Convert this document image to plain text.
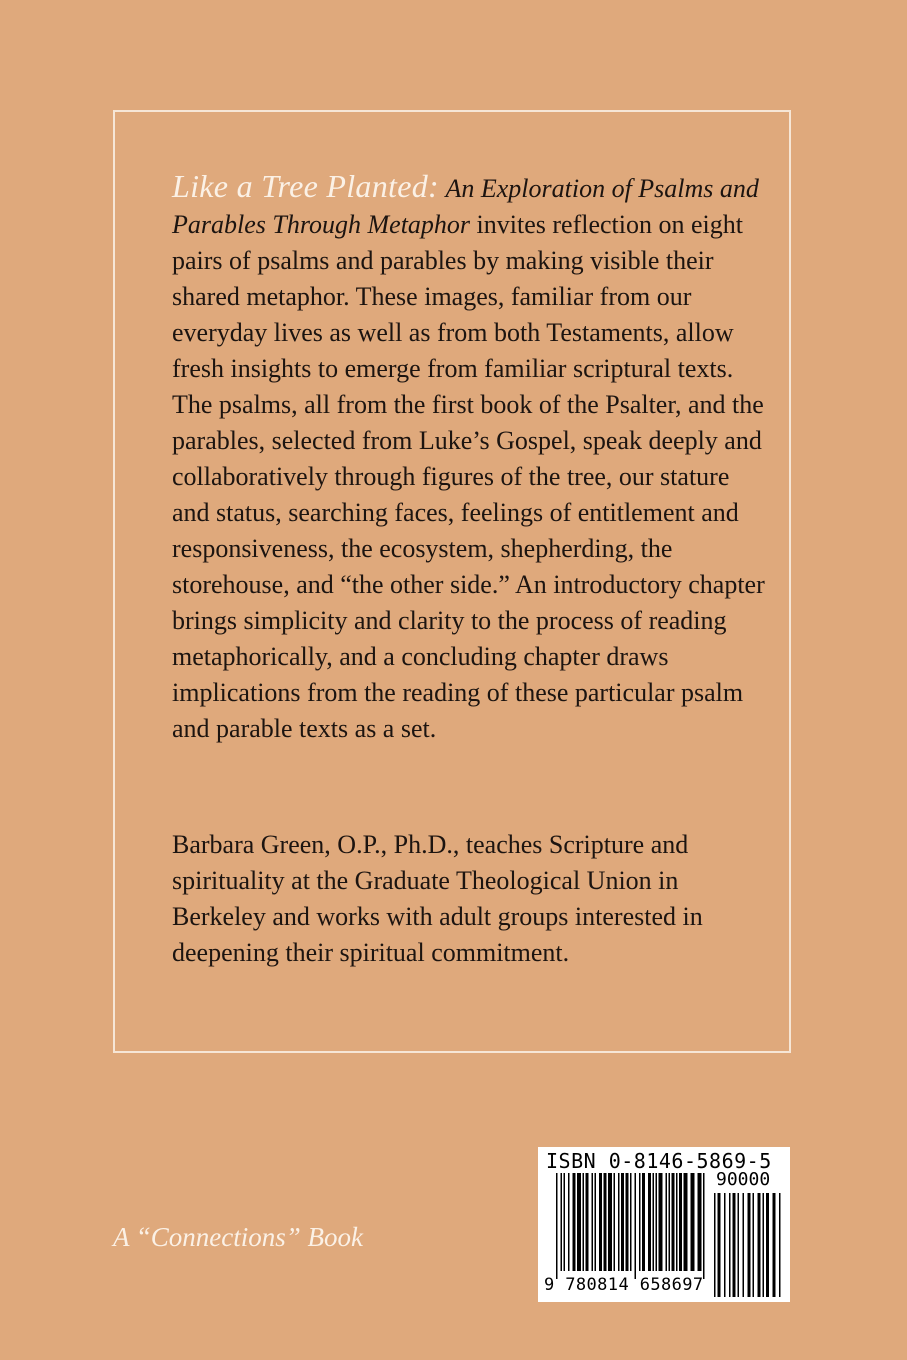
Like a Tree Planted: An Exploration of Psalms and Parables Through Metaphor invites reflection on eight pairs of psalms and parables by making visible their shared metaphor. These images, familiar from our everyday lives as well as from both Testaments, allow fresh insights to emerge from familiar scriptural texts. The psalms, all from the first book of the Psalter, and the parables, selected from Luke’s Gospel, speak deeply and collaboratively through figures of the tree, our stature and status, searching faces, feelings of entitlement and responsiveness, the ecosystem, shepherding, the storehouse, and “the other side.” An introductory chapter brings simplicity and clarity to the process of reading metaphorically, and a concluding chapter draws implications from the reading of these particular psalm and parable texts as a set.

Barbara Green, O.P., Ph.D., teaches Scripture and spirituality at the Graduate Theological Union in Berkeley and works with adult groups interested in deepening their spiritual commitment.

A “Connections” Book

ISBN 0-8146-5869-5
90000
9 780814 658697
